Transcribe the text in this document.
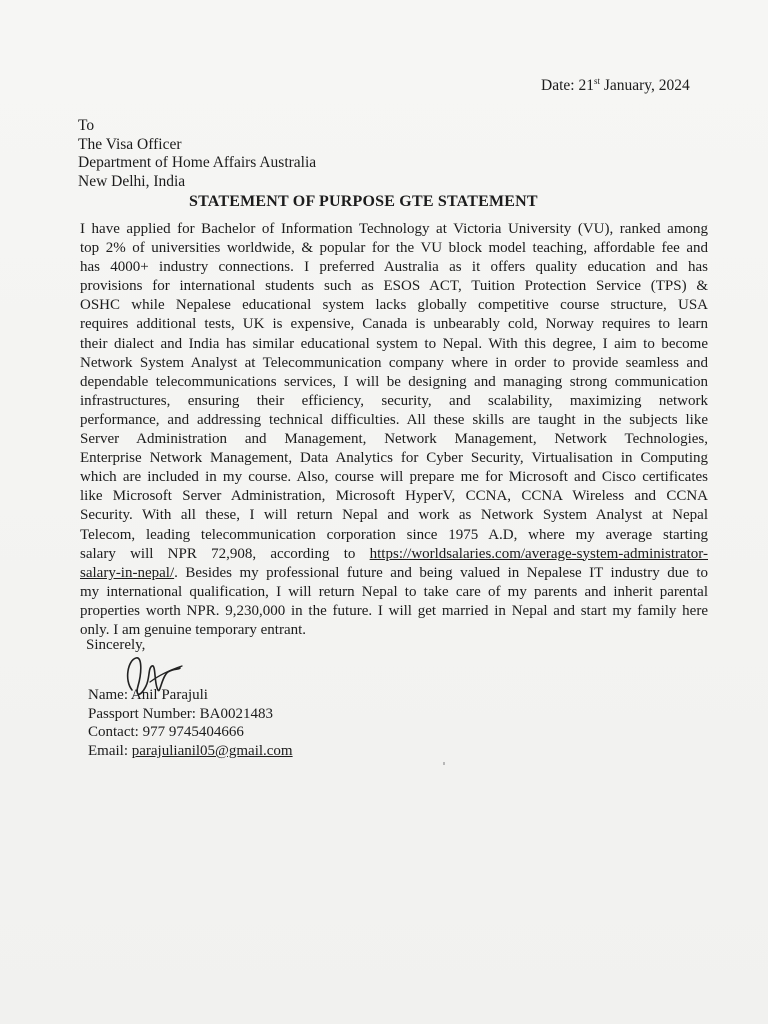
Date: 21st January, 2024
To
The Visa Officer
Department of Home Affairs Australia
New Delhi, India
STATEMENT OF PURPOSE GTE STATEMENT
I have applied for Bachelor of Information Technology at Victoria University (VU), ranked among
top 2% of universities worldwide, & popular for the VU block model teaching, affordable fee and
has 4000+ industry connections. I preferred Australia as it offers quality education and has
provisions for international students such as ESOS ACT, Tuition Protection Service (TPS) &
OSHC while Nepalese educational system lacks globally competitive course structure, USA
requires additional tests, UK is expensive, Canada is unbearably cold, Norway requires to learn
their dialect and India has similar educational system to Nepal. With this degree, I aim to become
Network System Analyst at Telecommunication company where in order to provide seamless and
dependable telecommunications services, I will be designing and managing strong communication
infrastructures, ensuring their efficiency, security, and scalability, maximizing network
performance, and addressing technical difficulties. All these skills are taught in the subjects like
Server Administration and Management, Network Management, Network Technologies,
Enterprise Network Management, Data Analytics for Cyber Security, Virtualisation in Computing
which are included in my course. Also, course will prepare me for Microsoft and Cisco certificates
like Microsoft Server Administration, Microsoft HyperV, CCNA, CCNA Wireless and CCNA
Security. With all these, I will return Nepal and work as Network System Analyst at Nepal
Telecom, leading telecommunication corporation since 1975 A.D, where my average starting
salary will NPR 72,908, according to https://worldsalaries.com/average-system-administrator-
salary-in-nepal/. Besides my professional future and being valued in Nepalese IT industry due to
my international qualification, I will return Nepal to take care of my parents and inherit parental
properties worth NPR. 9,230,000 in the future. I will get married in Nepal and start my family here
only. I am genuine temporary entrant.
Sincerely,
Name: Anil Parajuli
Passport Number: BA0021483
Contact: 977 9745404666
Email: parajulianil05@gmail.com
